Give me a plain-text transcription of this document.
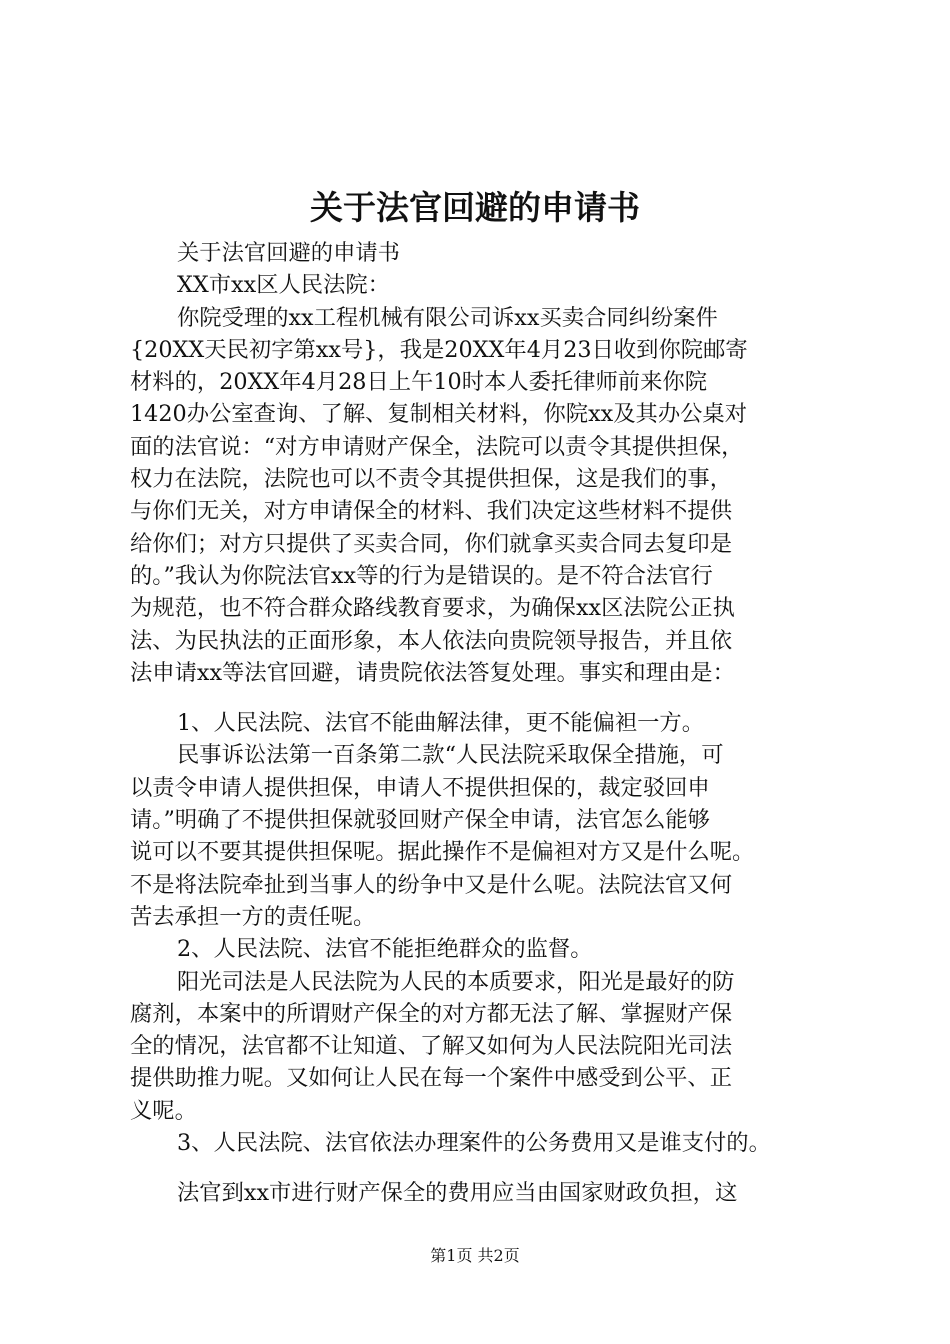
关于法官回避的申请书
关于法官回避的申请书
XX市xx区人民法院：
你院受理的xx工程机械有限公司诉xx买卖合同纠纷案件
{20XX天民初字第xx号}，我是20XX年4月23日收到你院邮寄
材料的，20XX年4月28日上午10时本人委托律师前来你院
1420办公室查询、了解、复制相关材料，你院xx及其办公桌对
面的法官说：“对方申请财产保全，法院可以责令其提供担保，
权力在法院，法院也可以不责令其提供担保，这是我们的事，
与你们无关，对方申请保全的材料、我们决定这些材料不提供
给你们；对方只提供了买卖合同，你们就拿买卖合同去复印是
的。”我认为你院法官xx等的行为是错误的。是不符合法官行
为规范，也不符合群众路线教育要求，为确保xx区法院公正执
法、为民执法的正面形象，本人依法向贵院领导报告，并且依
法申请xx等法官回避，请贵院依法答复处理。事实和理由是：
1、人民法院、法官不能曲解法律，更不能偏袒一方。
民事诉讼法第一百条第二款“人民法院采取保全措施，可
以责令申请人提供担保，申请人不提供担保的，裁定驳回申
请。”明确了不提供担保就驳回财产保全申请，法官怎么能够
说可以不要其提供担保呢。据此操作不是偏袒对方又是什么呢。
不是将法院牵扯到当事人的纷争中又是什么呢。法院法官又何
苦去承担一方的责任呢。
2、人民法院、法官不能拒绝群众的监督。
阳光司法是人民法院为人民的本质要求，阳光是最好的防
腐剂，本案中的所谓财产保全的对方都无法了解、掌握财产保
全的情况，法官都不让知道、了解又如何为人民法院阳光司法
提供助推力呢。又如何让人民在每一个案件中感受到公平、正
义呢。
3、人民法院、法官依法办理案件的公务费用又是谁支付的。
法官到xx市进行财产保全的费用应当由国家财政负担，这
第1页 共2页
